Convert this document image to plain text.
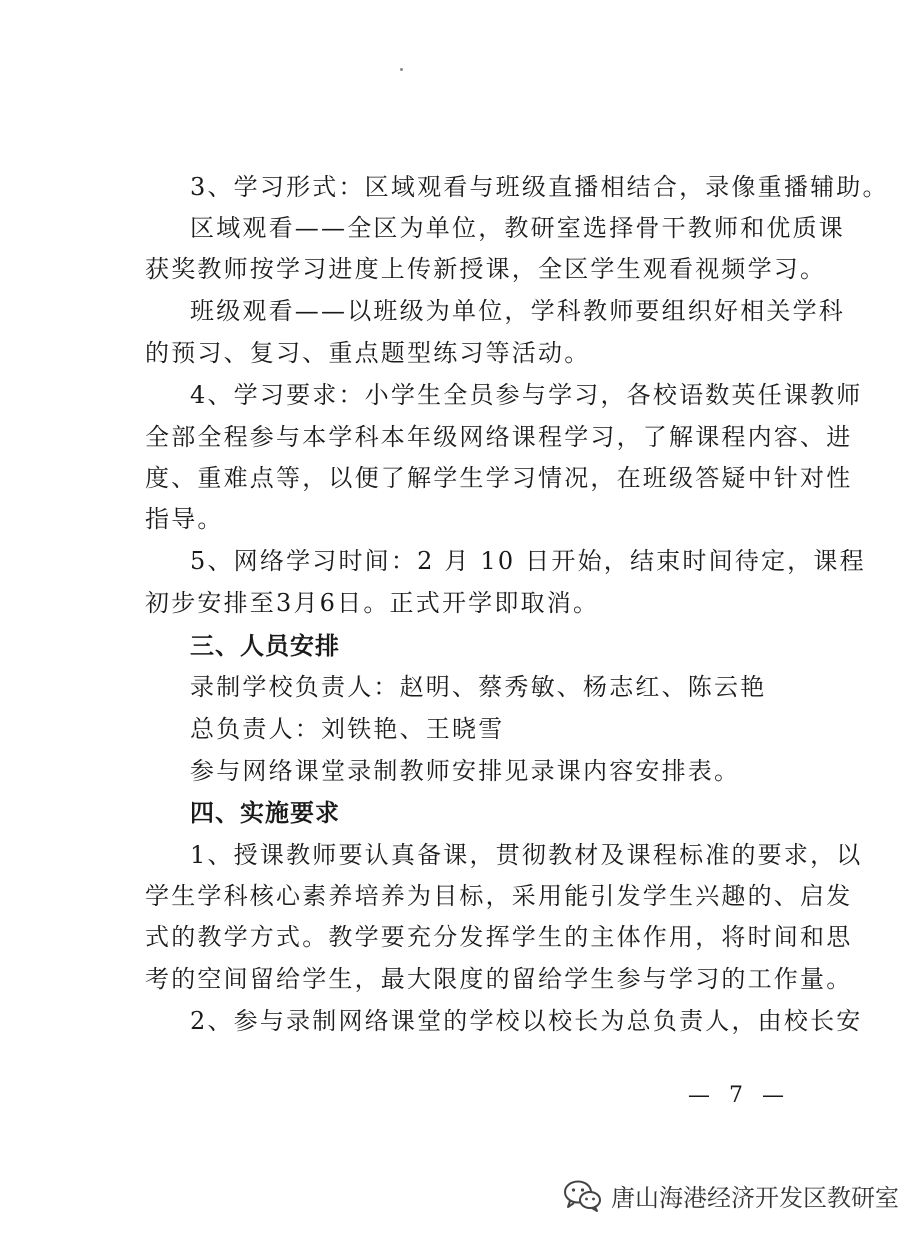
3、学习形式：区域观看与班级直播相结合，录像重播辅助。
区域观看——全区为单位，教研室选择骨干教师和优质课
获奖教师按学习进度上传新授课，全区学生观看视频学习。
班级观看——以班级为单位，学科教师要组织好相关学科
的预习、复习、重点题型练习等活动。
4、学习要求：小学生全员参与学习，各校语数英任课教师
全部全程参与本学科本年级网络课程学习，了解课程内容、进
度、重难点等，以便了解学生学习情况，在班级答疑中针对性
指导。
5、网络学习时间：2 月 10 日开始，结束时间待定，课程
初步安排至3月6日。正式开学即取消。
三、人员安排
录制学校负责人：赵明、蔡秀敏、杨志红、陈云艳
总负责人：刘铁艳、王晓雪
参与网络课堂录制教师安排见录课内容安排表。
四、实施要求
1、授课教师要认真备课，贯彻教材及课程标准的要求，以
学生学科核心素养培养为目标，采用能引发学生兴趣的、启发
式的教学方式。教学要充分发挥学生的主体作用，将时间和思
考的空间留给学生，最大限度的留给学生参与学习的工作量。
2、参与录制网络课堂的学校以校长为总负责人，由校长安
— 7 —
唐山海港经济开发区教研室
